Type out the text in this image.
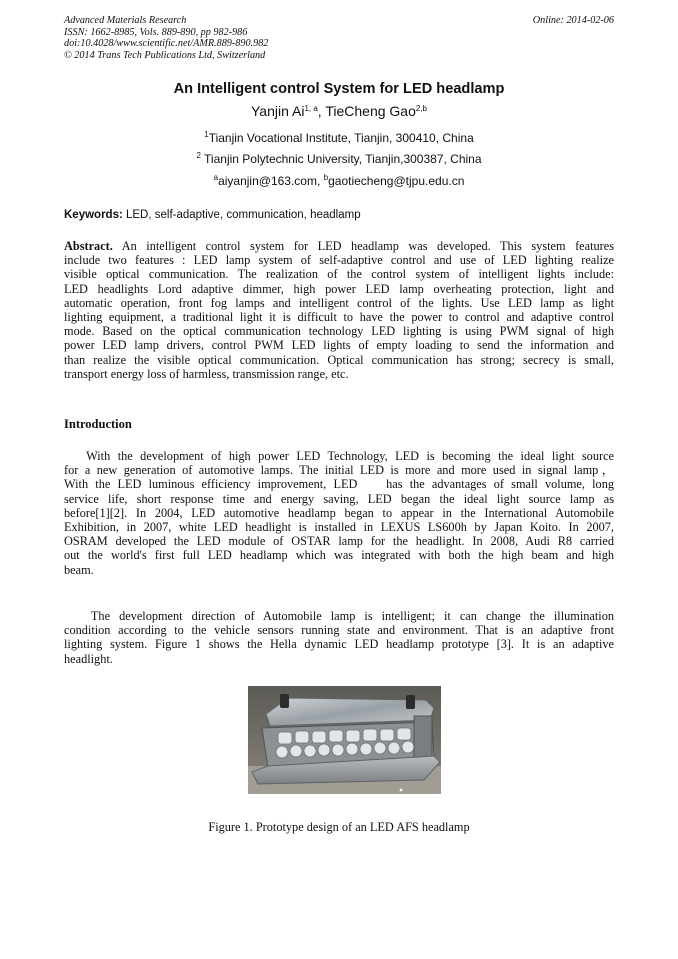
Advanced Materials Research
ISSN: 1662-8985, Vols. 889-890, pp 982-986
doi:10.4028/www.scientific.net/AMR.889-890.982
© 2014 Trans Tech Publications Ltd, Switzerland
Online: 2014-02-06
An Intelligent control System for LED headlamp
Yanjin Ai$^{1, a}$, TieCheng Gao$^{2,b}$
$^1$Tianjin Vocational Institute, Tianjin, 300410, China
$^2$ Tianjin Polytechnic University, Tianjin,300387, China
$^a$aiyanjin@163.com, $^b$gaotiecheng@tjpu.edu.cn
Keywords: LED, self-adaptive, communication, headlamp
Abstract. An intelligent control system for LED headlamp was developed. This system features
include two features : LED lamp system of self-adaptive control and use of LED lighting realize
visible optical communication. The realization of the control system of intelligent lights include:
LED headlights Lord adaptive dimmer, high power LED lamp overheating protection, light and
automatic operation, front fog lamps and intelligent control of the lights. Use LED lamp as light
lighting equipment, a traditional light it is difficult to have the power to control and adaptive control
mode. Based on the optical communication technology LED lighting is using PWM signal of high
power LED lamp drivers, control PWM LED lights of empty loading to send the information and
than realize the visible optical communication. Optical communication has strong; secrecy is small,
transport energy loss of harmless, transmission range, etc.
Introduction
With the development of high power LED Technology, LED is becoming the ideal light source
for a new generation of automotive lamps. The initial LED is more and more used in signal lamp，
With the LED luminous efficiency improvement, LED    has the advantages of small volume, long
service life, short response time and energy saving, LED began the ideal light source lamp as
before[1][2]. In 2004, LED automotive headlamp began to appear in the International Automobile
Exhibition, in 2007, white LED headlight is installed in LEXUS LS600h by Japan Koito. In 2007,
OSRAM developed the LED module of OSTAR lamp for the headlight. In 2008, Audi R8 carried
out the world's first full LED headlamp which was integrated with both the high beam and high
beam.
The development direction of Automobile lamp is intelligent; it can change the illumination
condition according to the vehicle sensors running state and environment. That is an adaptive front
lighting system. Figure 1 shows the Hella dynamic LED headlamp prototype [3]. It is an adaptive
headlight.
Figure 1. Prototype design of an LED AFS headlamp
